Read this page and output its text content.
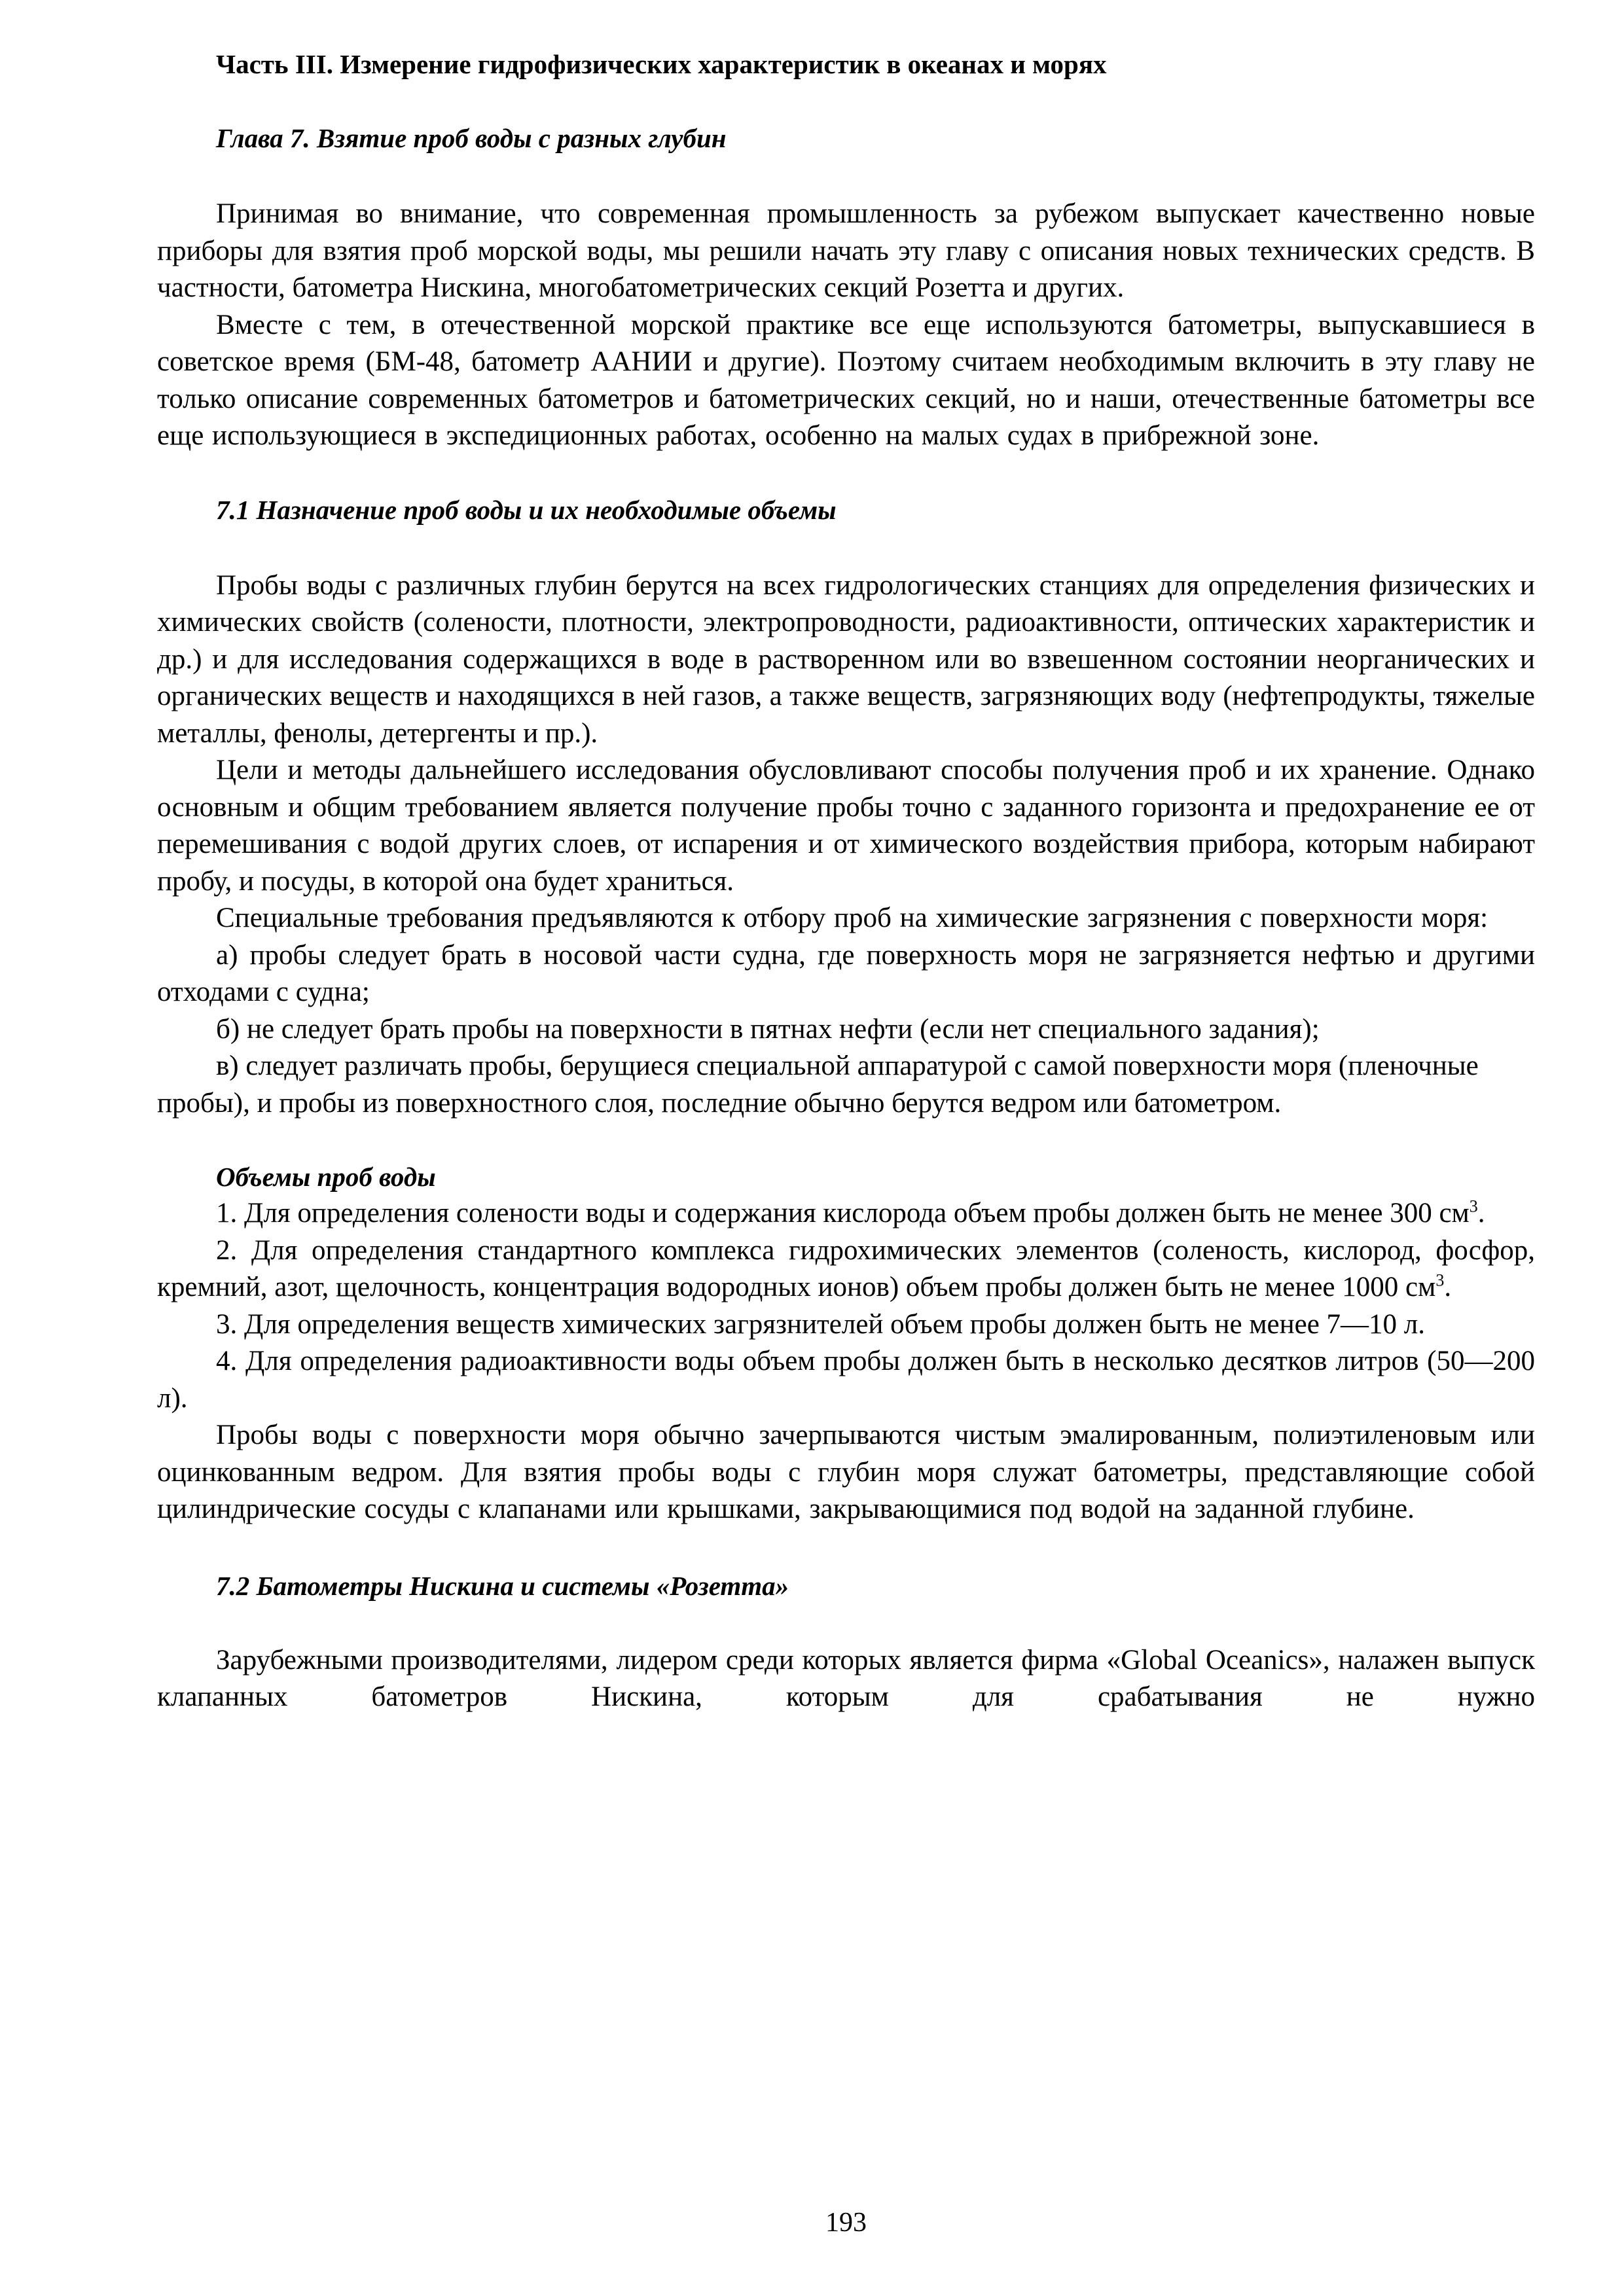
Часть III. Измерение гидрофизических характеристик в океанах и морях
Глава 7. Взятие проб воды с разных глубин

Принимая во внимание, что современная промышленность за рубежом выпускает качественно новые приборы для взятия проб морской воды, мы решили начать эту главу с описания новых технических средств. В частности, батометра Нискина, многобатометрических секций Розетта и других.

Вместе с тем, в отечественной морской практике все еще используются батометры, выпускавшиеся в советское время (БМ-48, батометр ААНИИ и другие). Поэтому считаем необходимым включить в эту главу не только описание современных батометров и батометрических секций, но и наши, отечественные батометры все еще использующиеся в экспедиционных работах, особенно на малых судах в прибрежной зоне.

7.1 Назначение проб воды и их необходимые объемы

Пробы воды с различных глубин берутся на всех гидрологических станциях для определения физических и химических свойств (солености, плотности, электропроводности, радиоактивности, оптических характеристик и др.) и для исследования содержащихся в воде в растворенном или во взвешенном состоянии неорганических и органических веществ и находящихся в ней газов, а также веществ, загрязняющих воду (нефтепродукты, тяжелые металлы, фенолы, детергенты и пр.).

Цели и методы дальнейшего исследования обусловливают способы получения проб и их хранение. Однако основным и общим требованием является получение пробы точно с заданного горизонта и предохранение ее от перемешивания с водой других слоев, от испарения и от химического воздействия прибора, которым набирают пробу, и посуды, в которой она будет храниться.

Специальные требования предъявляются к отбору проб на химические загрязнения с поверхности моря:

а) пробы следует брать в носовой части судна, где поверхность моря не загрязняется нефтью и другими отходами с судна;

б) не следует брать пробы на поверхности в пятнах нефти (если нет специального задания);

в) следует различать пробы, берущиеся специальной аппаратурой с самой поверхности моря (пленочные пробы), и пробы из поверхностного слоя, последние обычно берутся ведром или батометром.

Объемы проб воды

1. Для определения солености воды и содержания кислорода объем пробы должен быть не менее 300 $см^3$.

2. Для определения стандартного комплекса гидрохимических элементов (соленость, кислород, фосфор, кремний, азот, щелочность, концентрация водородных ионов) объем пробы должен быть не менее 1000 $см^3$.

3. Для определения веществ химических загрязнителей объем пробы должен быть не менее 7—10 л.

4. Для определения радиоактивности воды объем пробы должен быть в несколько десятков литров (50—200 л).

Пробы воды с поверхности моря обычно зачерпываются чистым эмалированным, полиэтиленовым или оцинкованным ведром. Для взятия пробы воды с глубин моря служат батометры, представляющие собой цилиндрические сосуды с клапанами или крышками, закрывающимися под водой на заданной глубине.

7.2 Батометры Нискина и системы «Розетта»

Зарубежными производителями, лидером среди которых является фирма «Global Oceanics», налажен выпуск клапанных батометров Нискина, которым для срабатывания не нужно

193
